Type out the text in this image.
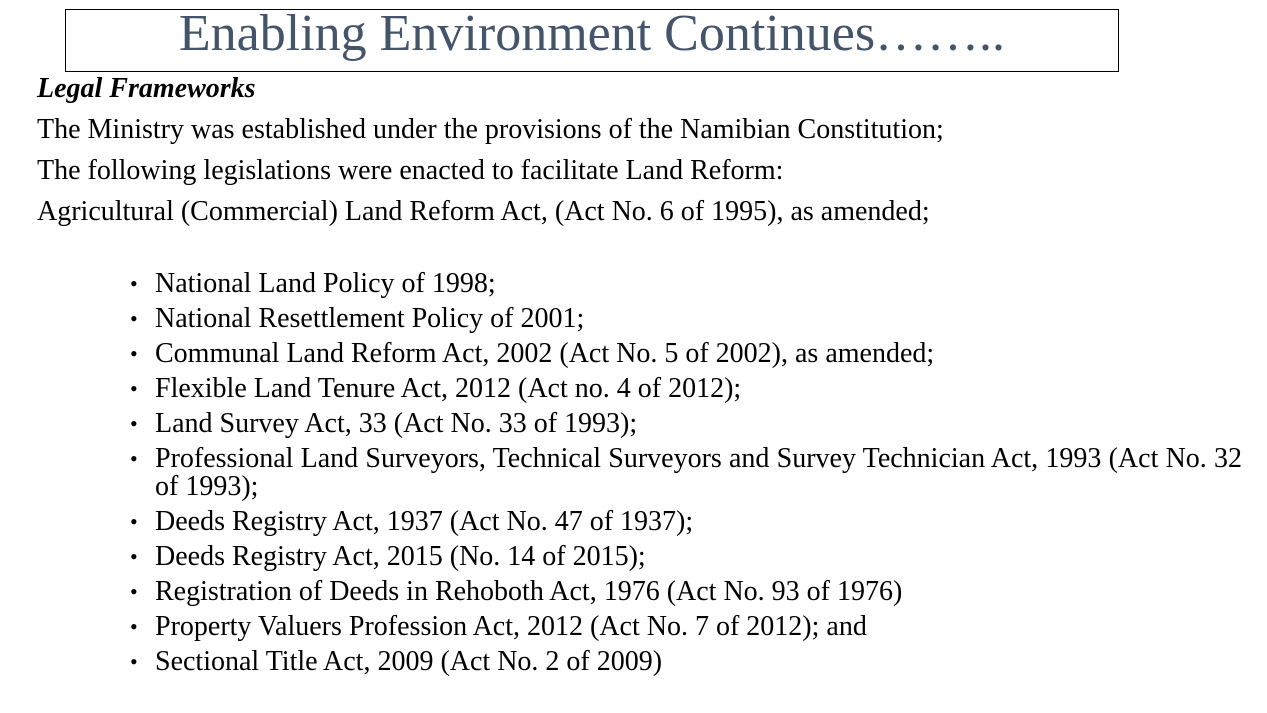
Enabling Environment Continues……..
Legal Frameworks
The Ministry was established under the provisions of the Namibian Constitution;
The following legislations were enacted to facilitate Land Reform:
Agricultural (Commercial) Land Reform Act, (Act No. 6 of 1995), as amended;
• National Land Policy of 1998;
• National Resettlement Policy of 2001;
• Communal Land Reform Act, 2002 (Act No. 5 of 2002), as amended;
• Flexible Land Tenure Act, 2012 (Act no. 4 of 2012);
• Land Survey Act, 33 (Act No. 33 of 1993);
• Professional Land Surveyors, Technical Surveyors and Survey Technician Act, 1993 (Act No. 32 of 1993);
• Deeds Registry Act, 1937 (Act No. 47 of 1937);
• Deeds Registry Act, 2015 (No. 14 of 2015);
• Registration of Deeds in Rehoboth Act, 1976 (Act No. 93 of 1976)
• Property Valuers Profession Act, 2012 (Act No. 7 of 2012); and
• Sectional Title Act, 2009 (Act No. 2 of 2009)
